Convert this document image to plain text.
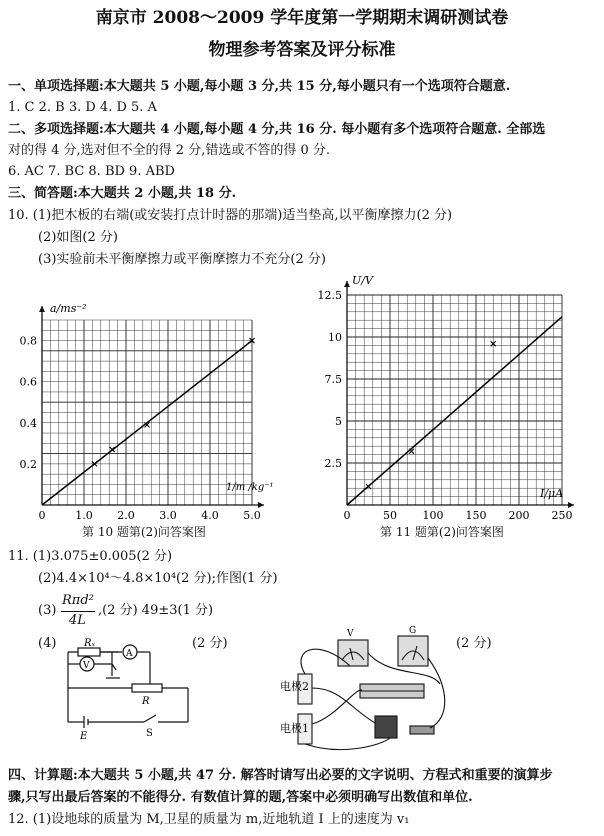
南京市 2008～2009 学年度第一学期期末调研测试卷
物理参考答案及评分标准
一、单项选择题:本大题共 5 小题,每小题 3 分,共 15 分,每小题只有一个选项符合题意.
1. C 2. B 3. D 4. D 5. A
二、多项选择题:本大题共 4 小题,每小题 4 分,共 16 分. 每小题有多个选项符合题意. 全部选
对的得 4 分,选对但不全的得 2 分,错选或不答的得 0 分.
6. AC 7. BC 8. BD 9. ABD
三、简答题:本大题共 2 小题,共 18 分.
10. (1)把木板的右端(或安装打点计时器的那端)适当垫高,以平衡摩擦力(2 分)
(2)如图(2 分)
(3)实验前未平衡摩擦力或平衡摩擦力不充分(2 分)
0	1.0 2.0 3.0 4.0 5.0
0.2
0.4
0.6
0.8
a/ms⁻²
1/m /kg⁻¹
第 10 题第(2)问答案图
0	50 100 150 200 250
2.5
5
7.5
10
12.5
U/V
I/μA
第 11 题第(2)问答案图
11. (1)3.075±0.005(2 分)
(2)4.4×10⁴～4.8×10⁴(2 分);作图(1 分)
(3)
Rπd²
4L
,(2 分) 49±3(1 分)
(4)	(2 分)	(2 分)
Rₓ
A
V
R
E	S
V	G
电极2
电极1
四、计算题:本大题共 5 小题,共 47 分. 解答时请写出必要的文字说明、方程式和重要的演算步
骤,只写出最后答案的不能得分. 有数值计算的题,答案中必须明确写出数值和单位.
12. (1)设地球的质量为 M,卫星的质量为 m,近地轨道 Ⅰ 上的速度为 v₁
